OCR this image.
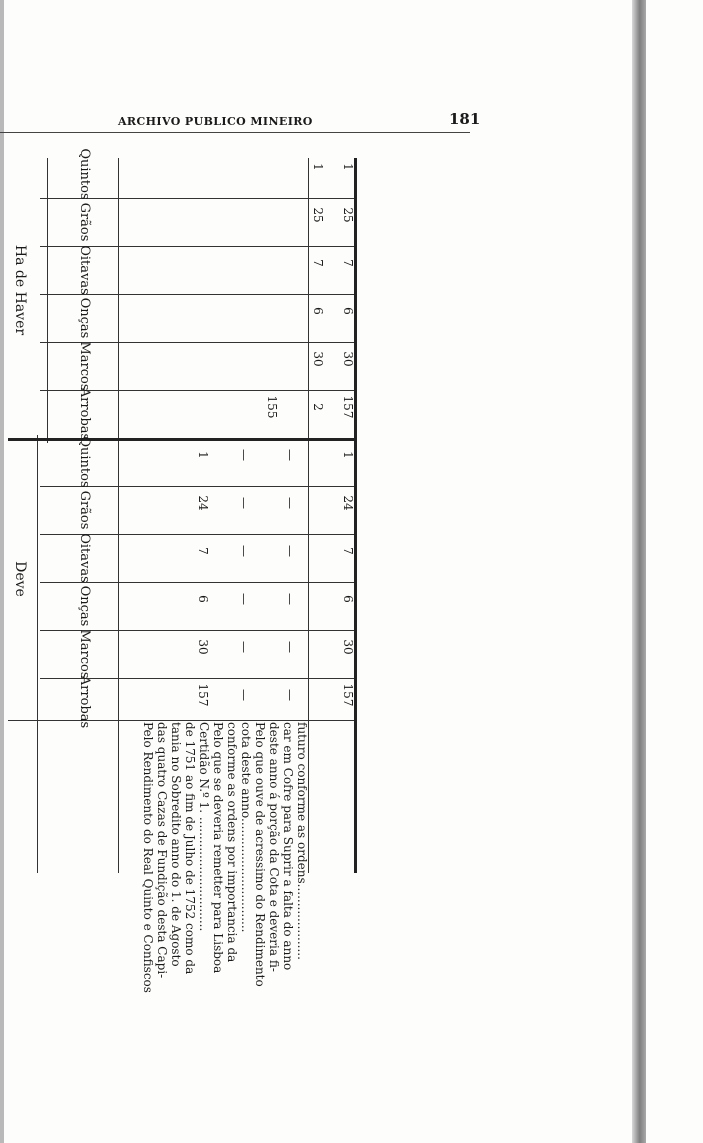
ARCHIVO PUBLICO MINEIRO	181
Ha de Haver
Deve
Quintos
Grãos
Oitavas
Onças
Marcos
Arrobas
Quintos
Grãos
Oitavas
Onças
Marcos
Arrobas
1
25
7
6
30
2
155
1
25
7
6
30
157
1
24
7
6
30
157
—
—
—
—
—
—
—
—
—
—
—
—
1
24
7
6
30
157
Pelo Rendimento do Real Quinto e Confiscos das quatro Cazas de Fundição desta Capi- tania no Sobredito anno do 1. de Agosto de 1751 ao fim de Julho de 1752 como da Certidão N.º 1. .............................. Pelo que se deveria remetter para Lisboa conforme as ordens por importancia da cota deste anno.............................. Pelo que ouve de acressimo do Rendimento deste anno á porção da Cota e deveria fi- car em Cofre para Suprir a falta do anno futuro conforme as ordens....................
